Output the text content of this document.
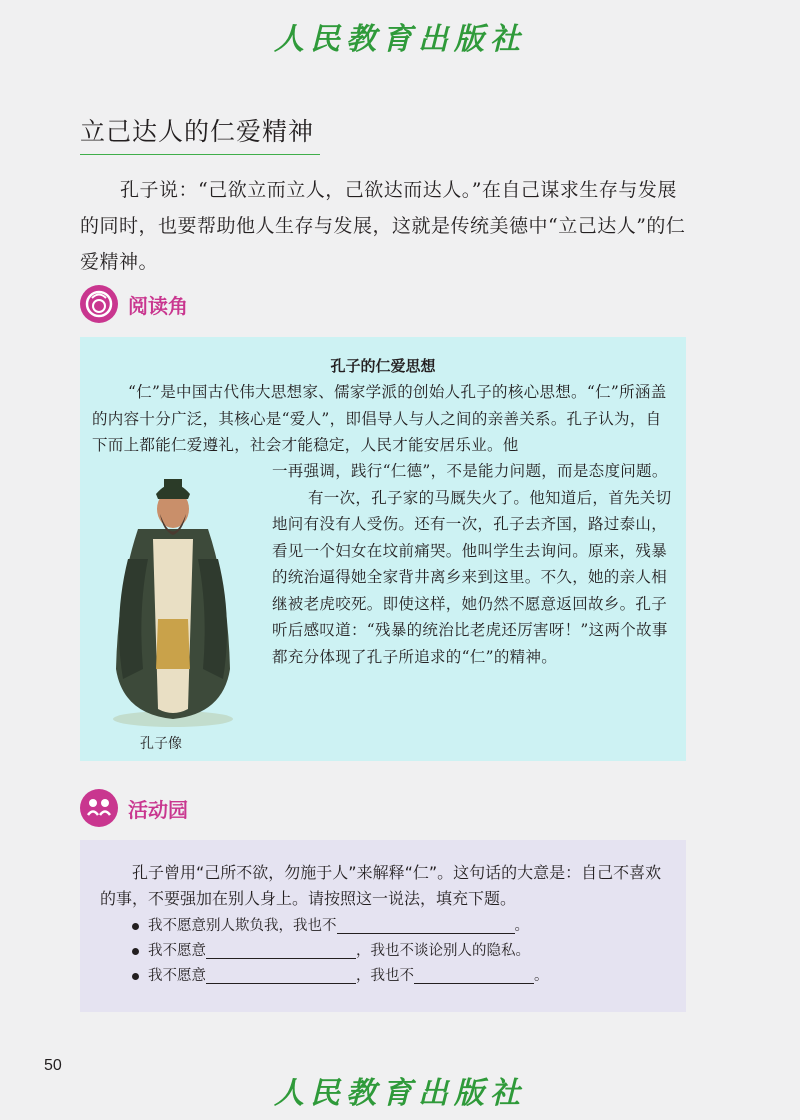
人民教育出版社
立己达人的仁爱精神

孔子说：“己欲立而立人，己欲达而达人。”在自己谋求生存与发展的同时，也要帮助他人生存与发展，这就是传统美德中“立己达人”的仁爱精神。

阅读角
孔子的仁爱思想

“仁”是中国古代伟大思想家、儒家学派的创始人孔子的核心思想。“仁”所涵盖的内容十分广泛，其核心是“爱人”，即倡导人与人之间的亲善关系。孔子认为，自下而上都能仁爱遵礼，社会才能稳定，人民才能安居乐业。他

一再强调，践行“仁德”，不是能力问题，而是态度问题。

有一次，孔子家的马厩失火了。他知道后，首先关切地问有没有人受伤。还有一次，孔子去齐国，路过泰山，看见一个妇女在坟前痛哭。他叫学生去询问。原来，残暴的统治逼得她全家背井离乡来到这里。不久，她的亲人相继被老虎咬死。即使这样，她仍然不愿意返回故乡。孔子听后感叹道：“残暴的统治比老虎还厉害呀！”这两个故事都充分体现了孔子所追求的“仁”的精神。

孔子像
活动园

孔子曾用“己所不欲，勿施于人”来解释“仁”。这句话的大意是：自己不喜欢的事，不要强加在别人身上。请按照这一说法，填充下题。

我不愿意别人欺负我，我也不	。
我不愿意	，我也不谈论别人的隐私。
我不愿意	，我也不	。
50
人民教育出版社
